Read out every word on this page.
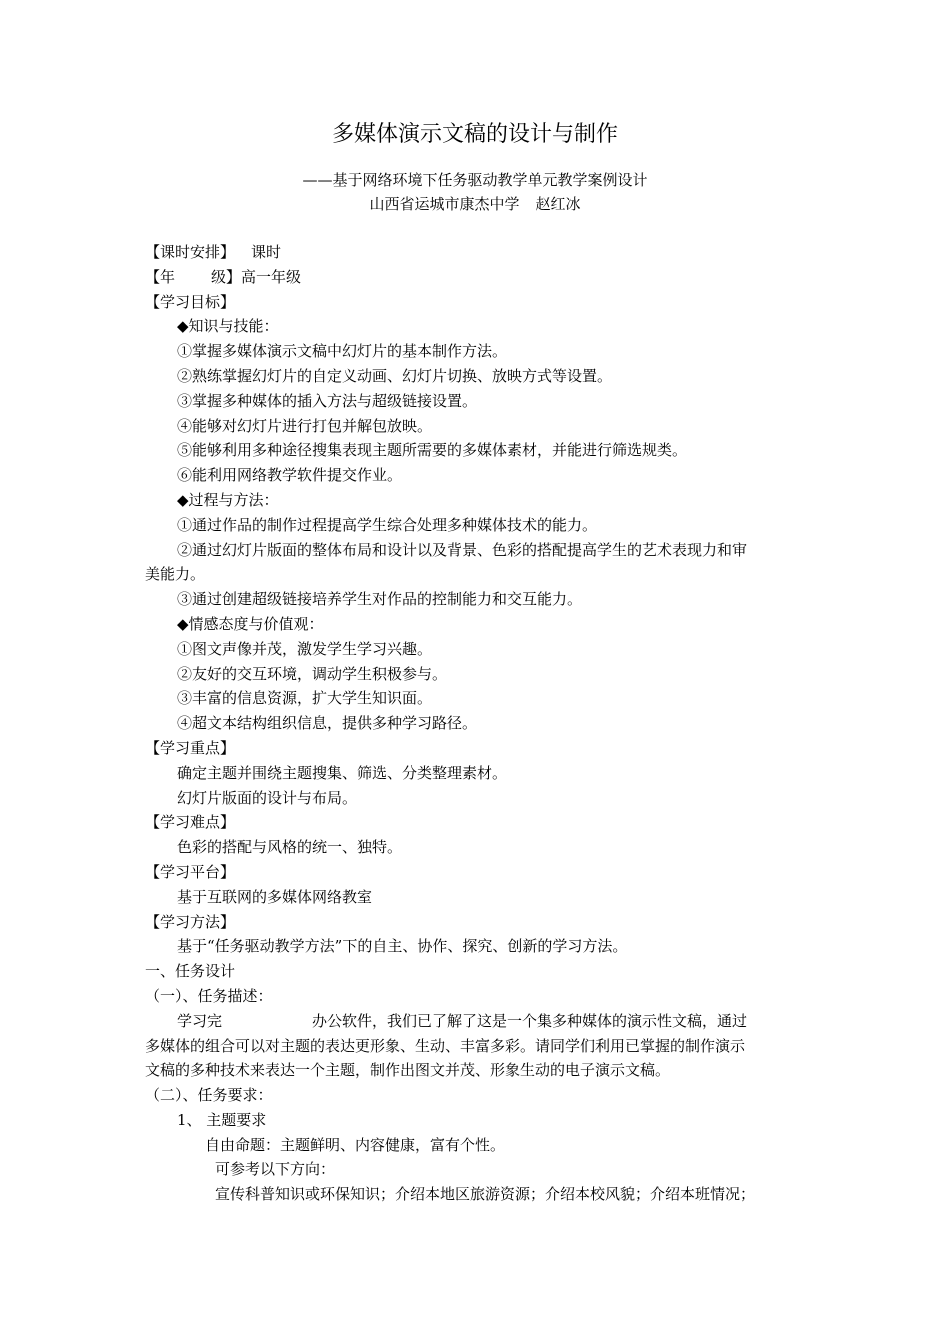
多媒体演示文稿的设计与制作
——基于网络环境下任务驱动教学单元教学案例设计
山西省运城市康杰中学 赵红冰

【课时安排】 课时

【年 级】高一年级

【学习目标】

◆知识与技能：

①掌握多媒体演示文稿中幻灯片的基本制作方法。

②熟练掌握幻灯片的自定义动画、幻灯片切换、放映方式等设置。

③掌握多种媒体的插入方法与超级链接设置。

④能够对幻灯片进行打包并解包放映。

⑤能够利用多种途径搜集表现主题所需要的多媒体素材，并能进行筛选规类。

⑥能利用网络教学软件提交作业。

◆过程与方法：

①通过作品的制作过程提高学生综合处理多种媒体技术的能力。

②通过幻灯片版面的整体布局和设计以及背景、色彩的搭配提高学生的艺术表现力和审

美能力。

③通过创建超级链接培养学生对作品的控制能力和交互能力。

◆情感态度与价值观：

①图文声像并茂，激发学生学习兴趣。

②友好的交互环境，调动学生积极参与。

③丰富的信息资源，扩大学生知识面。

④超文本结构组织信息，提供多种学习路径。

【学习重点】

确定主题并围绕主题搜集、筛选、分类整理素材。

幻灯片版面的设计与布局。

【学习难点】

色彩的搭配与风格的统一、独特。

【学习平台】

基于互联网的多媒体网络教室

【学习方法】

基于“任务驱动教学方法”下的自主、协作、探究、创新的学习方法。

一、任务设计

（一）、任务描述：

学习完	办公软件，我们已了解了这是一个集多种媒体的演示性文稿，通过

多媒体的组合可以对主题的表达更形象、生动、丰富多彩。请同学们利用已掌握的制作演示

文稿的多种技术来表达一个主题，制作出图文并茂、形象生动的电子演示文稿。

（二）、任务要求：

1、 主题要求

自由命题：主题鲜明、内容健康，富有个性。

可参考以下方向：

宣传科普知识或环保知识；介绍本地区旅游资源；介绍本校风貌；介绍本班情况；
